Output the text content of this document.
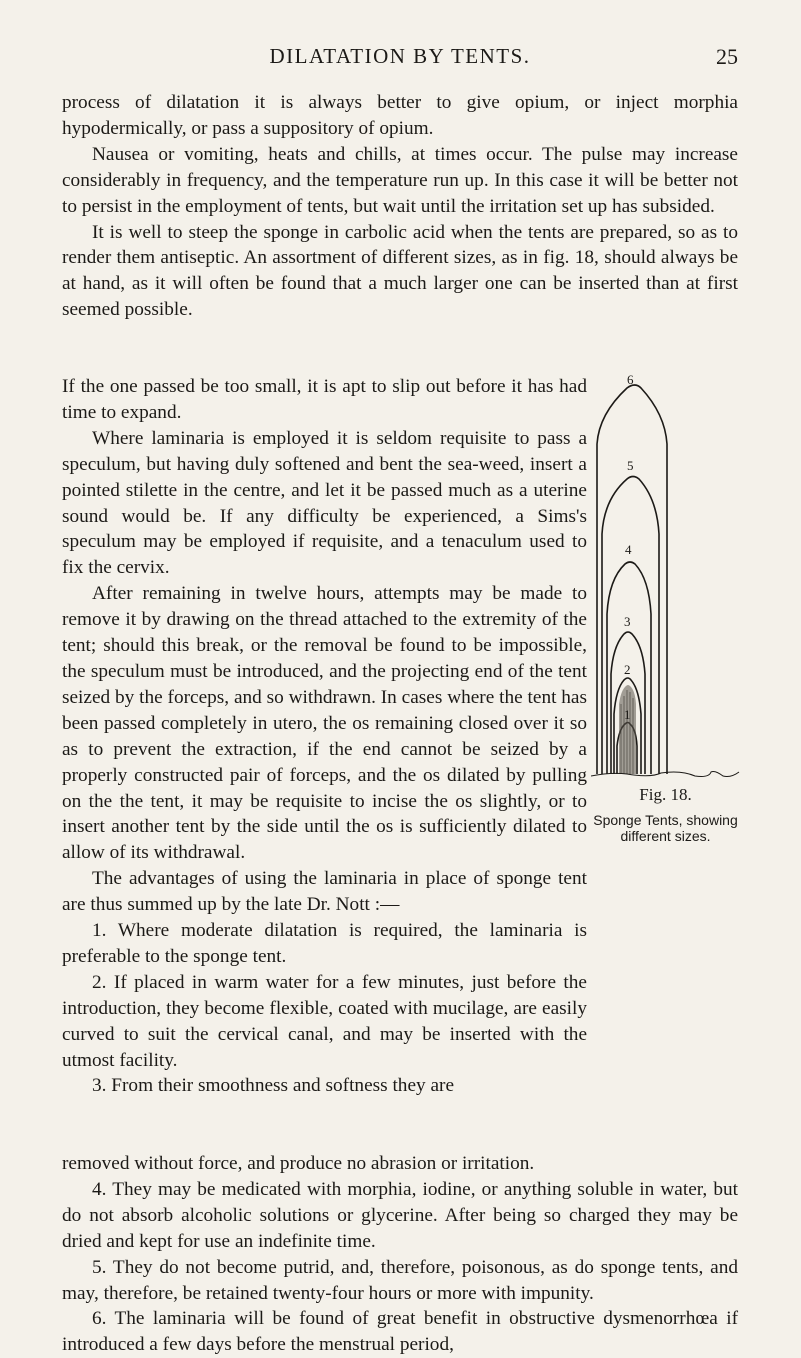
DILATATION BY TENTS.	25

process of dilatation it is always better to give opium, or inject morphia hypodermically, or pass a suppository of opium.

Nausea or vomiting, heats and chills, at times occur. The pulse may increase considerably in frequency, and the temperature run up. In this case it will be better not to persist in the employment of tents, but wait until the irritation set up has subsided.

It is well to steep the sponge in carbolic acid when the tents are prepared, so as to render them antiseptic. An assortment of different sizes, as in fig. 18, should always be at hand, as it will often be found that a much larger one can be inserted than at first seemed possible.

If the one passed be too small, it is apt to slip out before it has had time to expand.

Where laminaria is employed it is seldom requisite to pass a speculum, but having duly softened and bent the sea-weed, insert a pointed stilette in the centre, and let it be passed much as a uterine sound would be. If any difficulty be experienced, a Sims's speculum may be employed if requisite, and a tenaculum used to fix the cervix.

After remaining in twelve hours, attempts may be made to remove it by drawing on the thread attached to the extremity of the tent; should this break, or the removal be found to be impossible, the speculum must be introduced, and the projecting end of the tent seized by the forceps, and so withdrawn. In cases where the tent has been passed completely in utero, the os remaining closed over it so as to prevent the extraction, if the end cannot be seized by a properly constructed pair of forceps, and the os dilated by pulling on the the tent, it may be requisite to incise the os slightly, or to insert another tent by the side until the os is sufficiently dilated to allow of its withdrawal.

The advantages of using the laminaria in place of sponge tent are thus summed up by the late Dr. Nott :—

1. Where moderate dilatation is required, the laminaria is preferable to the sponge tent.

2. If placed in warm water for a few minutes, just before the introduction, they become flexible, coated with mucilage, are easily curved to suit the cervical canal, and may be inserted with the utmost facility.

3. From their smoothness and softness they are

6
5
4
3
2
1
Fig. 18.
Sponge Tents, showing different sizes.

removed without force, and produce no abrasion or irritation.

4. They may be medicated with morphia, iodine, or anything soluble in water, but do not absorb alcoholic solutions or glycerine. After being so charged they may be dried and kept for use an indefinite time.

5. They do not become putrid, and, therefore, poisonous, as do sponge tents, and may, therefore, be retained twenty-four hours or more with impunity.

6. The laminaria will be found of great benefit in obstructive dysmenorrhœa if introduced a few days before the menstrual period,
